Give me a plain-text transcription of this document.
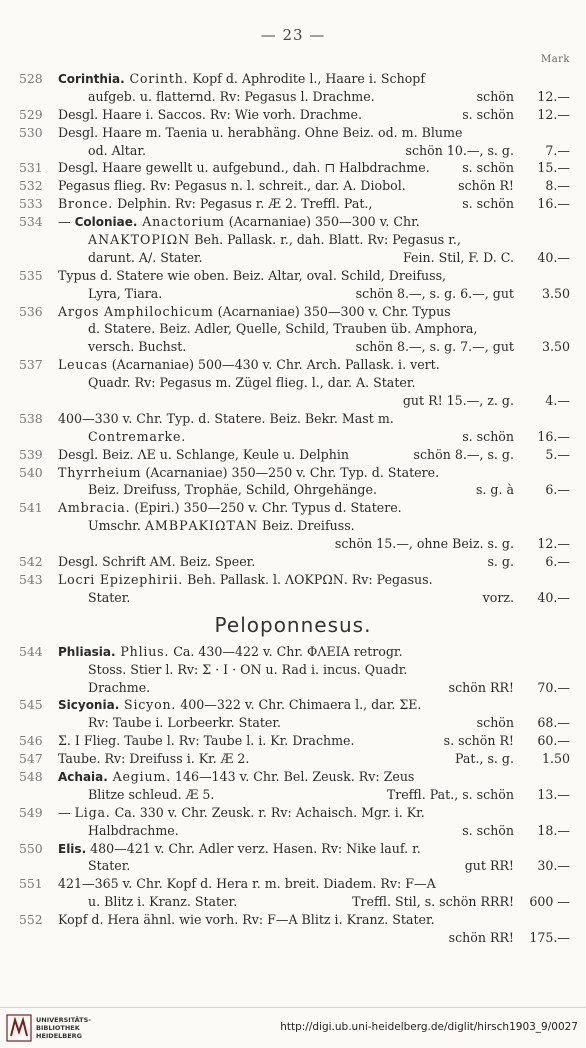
— 23 —
Mark
528 Corinthia. Corinth. Kopf d. Aphrodite l., Haare i. Schopf
aufgeb. u. flatternd. Rv: Pegasus l. Drachme.	schön	12.—
529 Desgl. Haare i. Saccos. Rv: Wie vorh. Drachme.	s. schön	12.—
530 Desgl. Haare m. Taenia u. herabhäng. Ohne Beiz. od. m. Blume
od. Altar.	schön 10.—, s. g.	7.—
531 Desgl. Haare gewellt u. aufgebund., dah. ⊓ Halbdrachme.	s. schön	15.—
532 Pegasus flieg. Rv: Pegasus n. l. schreit., dar. A. Diobol.	schön R!	8.—
533 Bronce. Delphin. Rv: Pegasus r. Æ 2. Treffl. Pat.,	s. schön	16.—
534 — Coloniae. Anactorium (Acarnaniae) 350—300 v. Chr.
ΑΝΑΚΤΟΡΙΩΝ Beh. Pallask. r., dah. Blatt. Rv: Pegasus r.,
darunt. A/. Stater.	Fein. Stil, F. D. C.	40.—
535 Typus d. Statere wie oben. Beiz. Altar, oval. Schild, Dreifuss,
Lyra, Tiara.	schön 8.—, s. g. 6.—, gut	3.50
536 Argos Amphilochicum (Acarnaniae) 350—300 v. Chr. Typus
d. Statere. Beiz. Adler, Quelle, Schild, Trauben üb. Amphora,
versch. Buchst.	schön 8.—, s. g. 7.—, gut	3.50
537 Leucas (Acarnaniae) 500—430 v. Chr. Arch. Pallask. i. vert.
Quadr. Rv: Pegasus m. Zügel flieg. l., dar. Α. Stater.
gut R! 15.—, z. g.	4.—
538 400—330 v. Chr. Typ. d. Statere. Beiz. Bekr. Mast m.
Contremarke.	s. schön	16.—
539 Desgl. Beiz. ΛΕ u. Schlange, Keule u. Delphin	schön 8.—, s. g.	5.—
540 Thyrrheium (Acarnaniae) 350—250 v. Chr. Typ. d. Statere.
Beiz. Dreifuss, Trophäe, Schild, Ohrgehänge.	s. g. à	6.—
541 Ambracia. (Epiri.) 350—250 v. Chr. Typus d. Statere.
Umschr. ΑΜΒΡΑΚΙΩΤΑΝ Beiz. Dreifuss.
schön 15.—, ohne Beiz. s. g.	12.—
542 Desgl. Schrift AM. Beiz. Speer.	s. g.	6.—
543 Locri Epizephirii. Beh. Pallask. l. ΛΟΚΡΩΝ. Rv: Pegasus.
Stater.	vorz.	40.—
Peloponnesus.
544 Phliasia. Phlius. Ca. 430—422 v. Chr. ΦΛΕΙΑ retrogr.
Stoss. Stier l. Rv: Σ · Ι · ΟΝ u. Rad i. incus. Quadr.
Drachme.	schön RR!	70.—
545 Sicyonia. Sicyon. 400—322 v. Chr. Chimaera l., dar. ΣΕ.
Rv: Taube i. Lorbeerkr. Stater.	schön	68.—
546 Σ. Ι Flieg. Taube l. Rv: Taube l. i. Kr. Drachme.	s. schön R!	60.—
547 Taube. Rv: Dreifuss i. Kr. Æ 2.	Pat., s. g.	1.50
548 Achaia. Aegium. 146—143 v. Chr. Bel. Zeusk. Rv: Zeus
Blitze schleud. Æ 5.	Treffl. Pat., s. schön	13.—
549 — Liga. Ca. 330 v. Chr. Zeusk. r. Rv: Achaisch. Mgr. i. Kr.
Halbdrachme.	s. schön	18.—
550 Elis. 480—421 v. Chr. Adler verz. Hasen. Rv: Nike lauf. r.
Stater.	gut RR!	30.—
551 421—365 v. Chr. Kopf d. Hera r. m. breit. Diadem. Rv: F—A
u. Blitz i. Kranz. Stater.	Treffl. Stil, s. schön RRR!	600 —
552 Kopf d. Hera ähnl. wie vorh. Rv: F—A Blitz i. Kranz. Stater.
schön RR!	175.—
UNIVERSITÄTS-
BIBLIOTHEK
HEIDELBERG
http://digi.ub.uni-heidelberg.de/diglit/hirsch1903_9/0027
